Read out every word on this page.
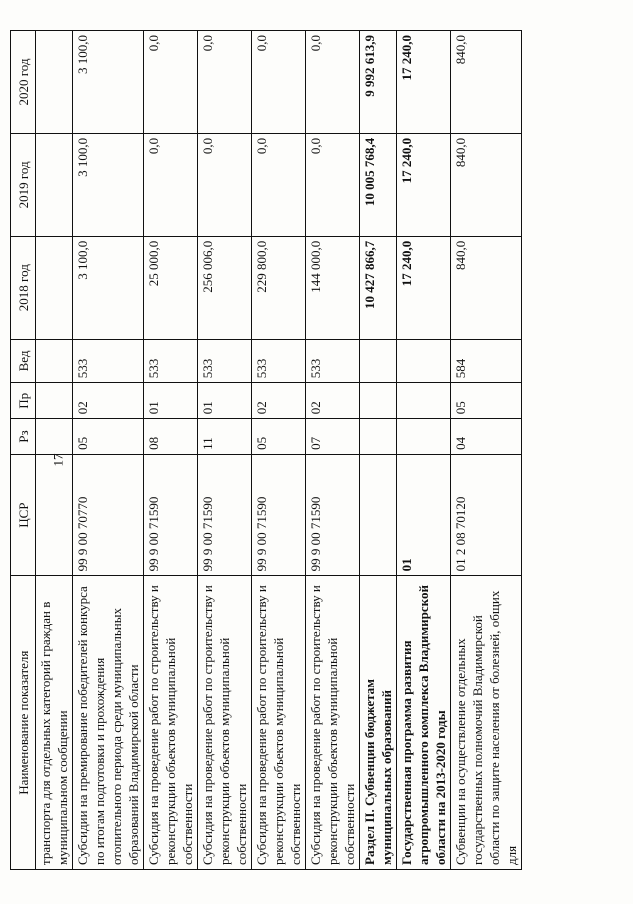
17
Наименование показателя	ЦСР	Рз	Пр	Вед	2018 год	2019 год	2020 год
транспорта для отдельных категорий граждан в муниципальном сообщении							
Субсидии на премирование победителей конкурса по итогам подготовки и прохождения отопительного периода среди муниципальных образований Владимирской области	99 9 00 70770	05	02	533	3 100,0	3 100,0	3 100,0
Субсидия на проведение работ по строительству и реконструкции объектов муниципальной собственности	99 9 00 71590	08	01	533	25 000,0	0,0	0,0
Субсидия на проведение работ по строительству и реконструкции объектов муниципальной собственности	99 9 00 71590	11	01	533	256 006,0	0,0	0,0
Субсидия на проведение работ по строительству и реконструкции объектов муниципальной собственности	99 9 00 71590	05	02	533	229 800,0	0,0	0,0
Субсидия на проведение работ по строительству и реконструкции объектов муниципальной собственности	99 9 00 71590	07	02	533	144 000,0	0,0	0,0
Раздел II. Субвенции бюджетам муниципальных образований					10 427 866,7	10 005 768,4	9 992 613,9
Государственная программа развития агропромышленного комплекса Владимирской области на 2013-2020 годы	01				17 240,0	17 240,0	17 240,0
Субвенции на осуществление отдельных государственных полномочий Владимирской области по защите населения от болезней, общих для	01 2 08 70120	04	05	584	840,0	840,0	840,0
